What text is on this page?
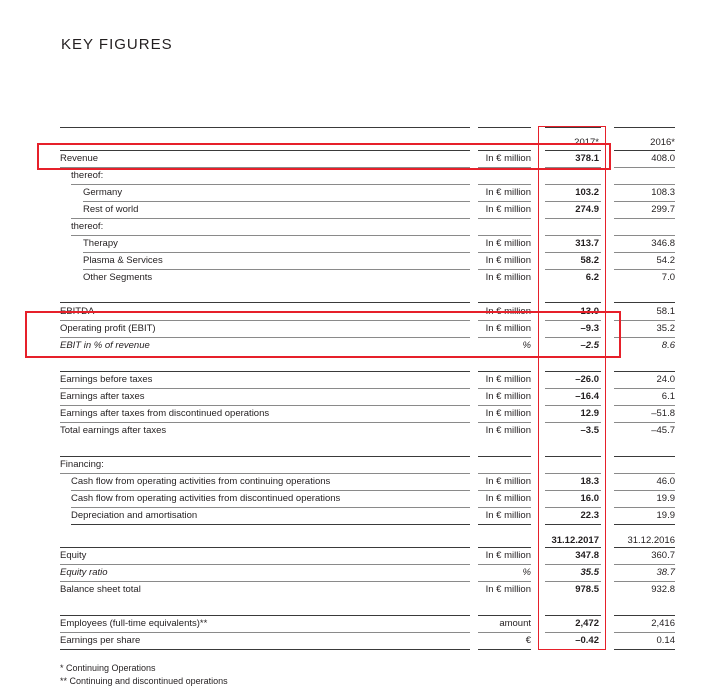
KEY FIGURES
2017*	2016*
Revenue	In € million	378.1	408.0
thereof:
Germany	In € million	103.2	108.3
Rest of world	In € million	274.9	299.7
thereof:
Therapy	In € million	313.7	346.8
Plasma & Services	In € million	58.2	54.2
Other Segments	In € million	6.2	7.0
EBITDA	In € million	13.0	58.1
Operating profit (EBIT)	In € million	–9.3	35.2
EBIT in % of revenue	%	–2.5	8.6
Earnings before taxes	In € million	–26.0	24.0
Earnings after taxes	In € million	–16.4	6.1
Earnings after taxes from discontinued operations	In € million	12.9	–51.8
Total earnings after taxes	In € million	–3.5	–45.7
Financing:
Cash flow from operating activities from continuing operations	In € million	18.3	46.0
Cash flow from operating activities from discontinued operations	In € million	16.0	19.9
Depreciation and amortisation	In € million	22.3	19.9
31.12.2017	31.12.2016
Equity	In € million	347.8	360.7
Equity ratio	%	35.5	38.7
Balance sheet total	In € million	978.5	932.8
Employees (full-time equivalents)**	amount	2,472	2,416
Earnings per share	€	–0.42	0.14
* Continuing Operations
** Continuing and discontinued operations
